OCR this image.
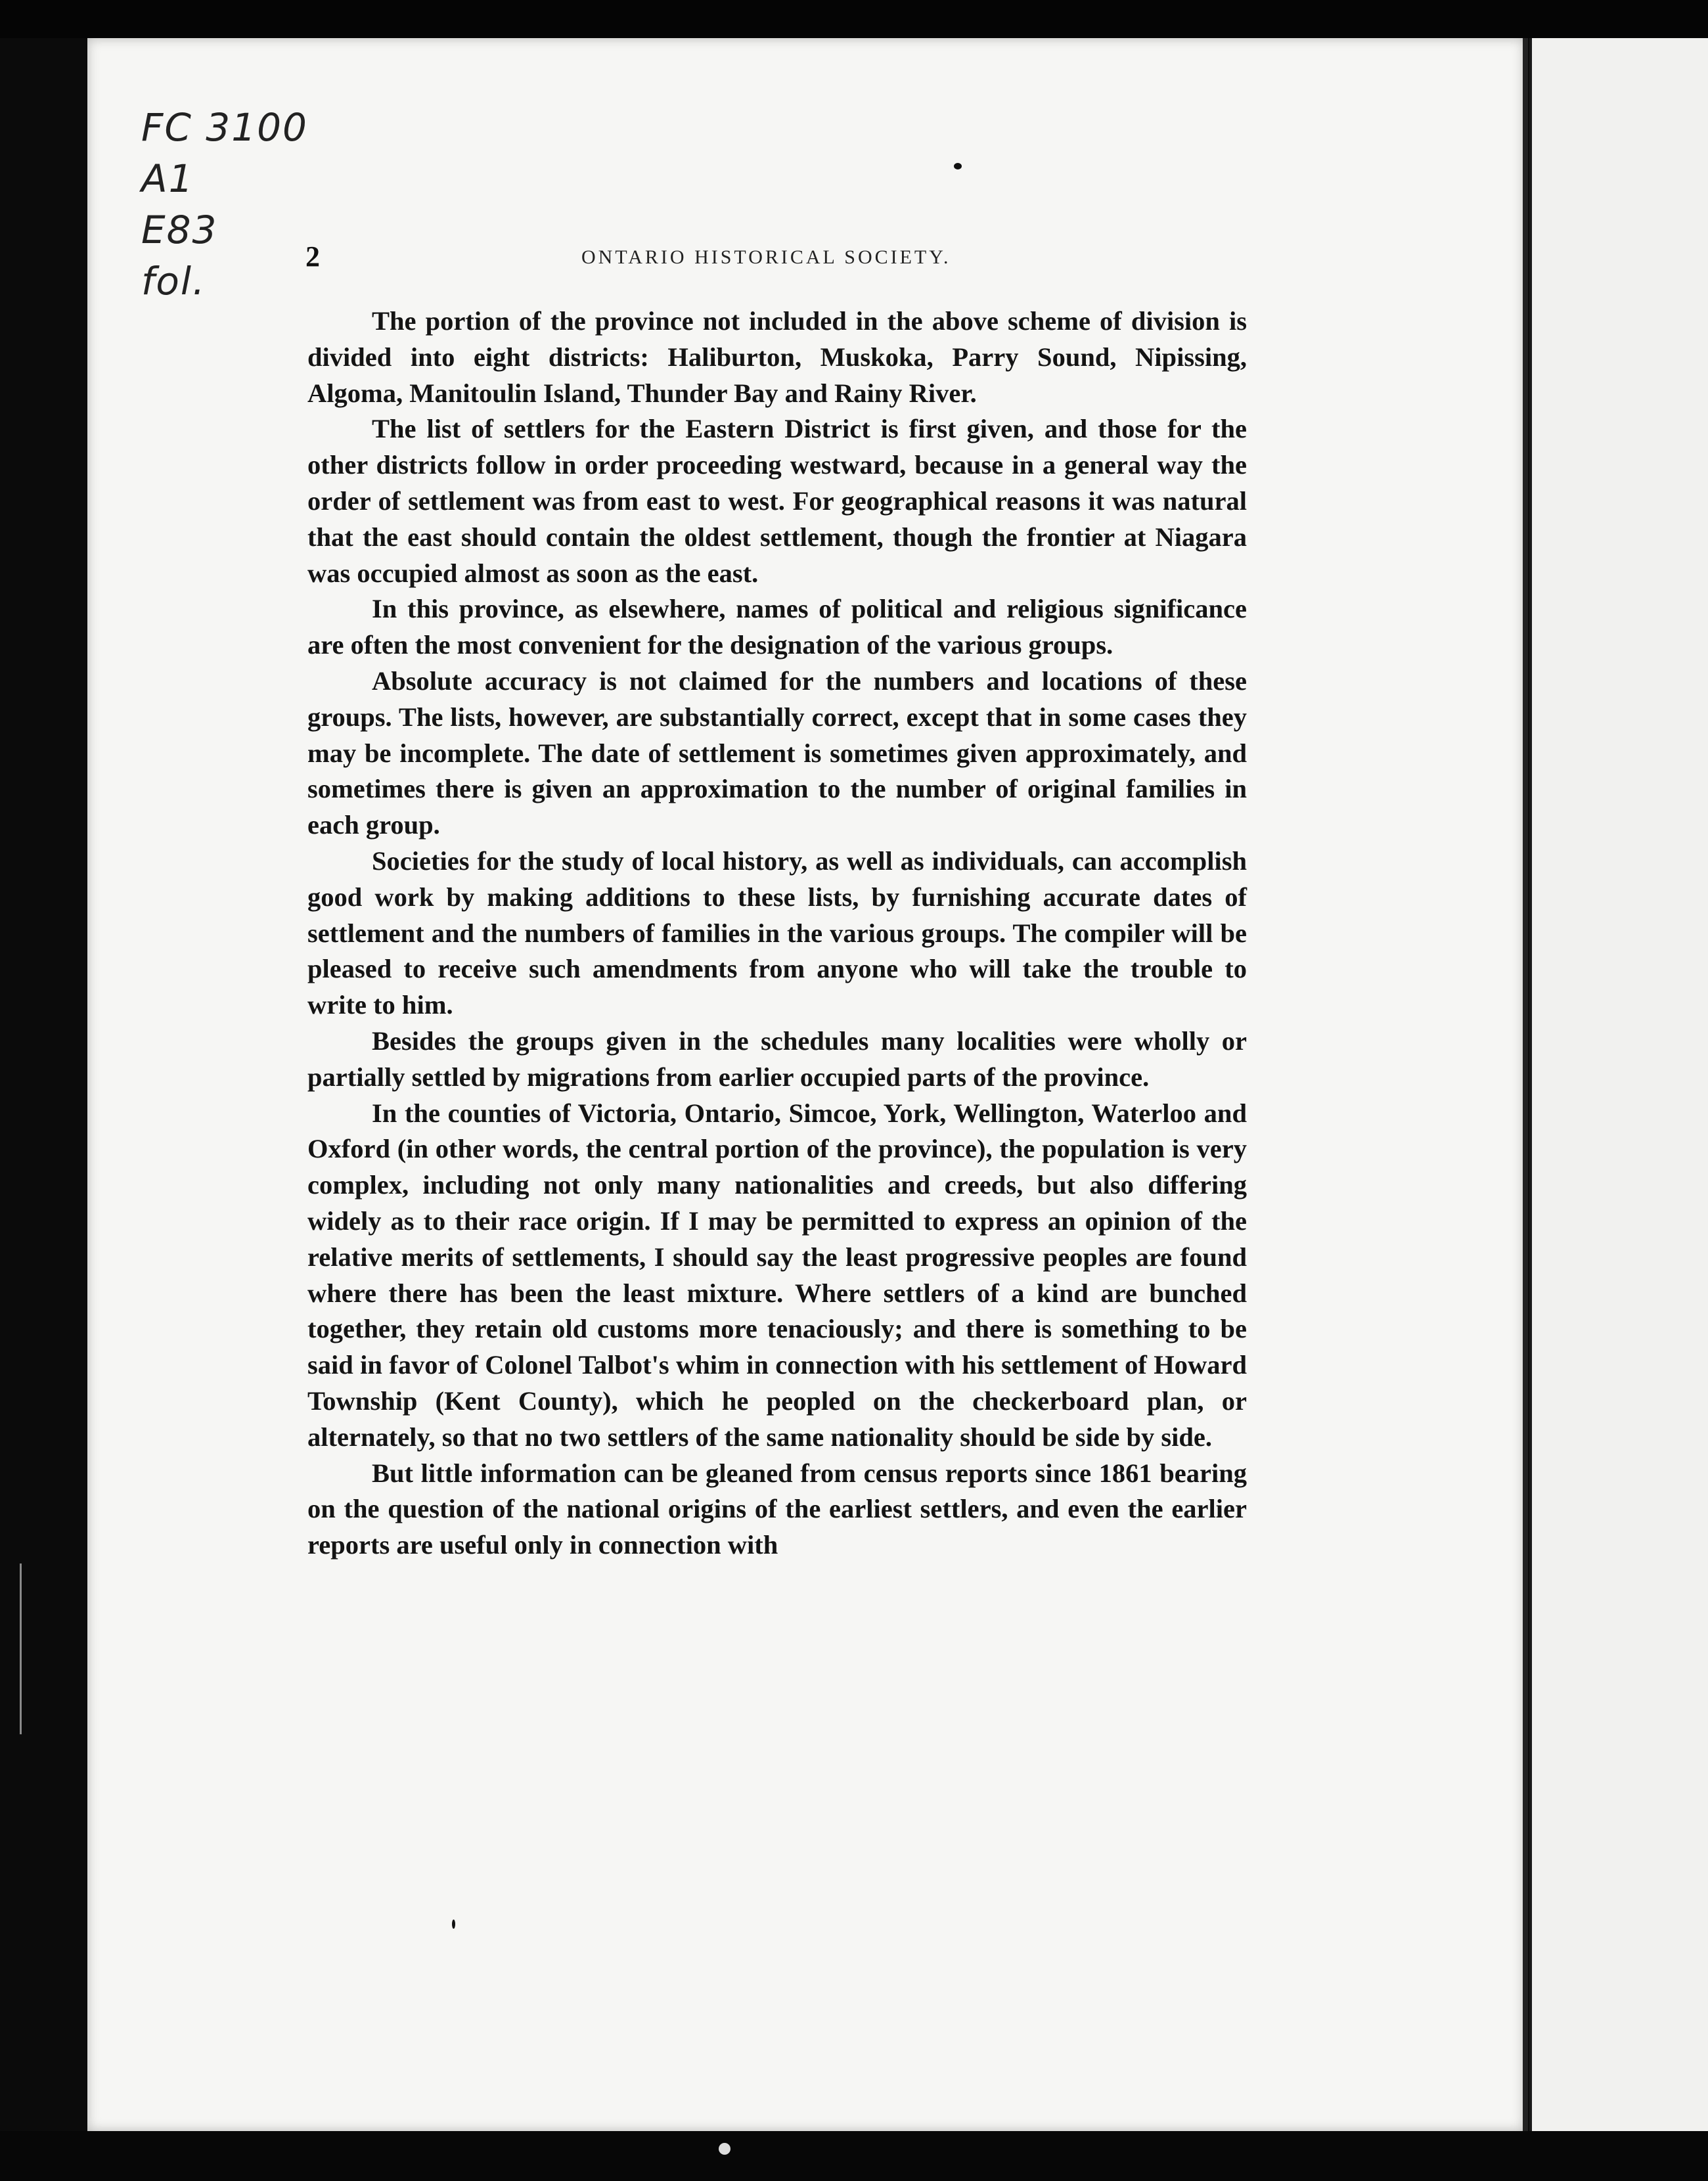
FC 3100
A1
E83
fol.
2	ONTARIO HISTORICAL SOCIETY.

The portion of the province not included in the above scheme of division is divided into eight districts: Haliburton, Muskoka, Parry Sound, Nipissing, Algoma, Manitoulin Island, Thunder Bay and Rainy River.

The list of settlers for the Eastern District is first given, and those for the other districts follow in order proceeding westward, because in a general way the order of settlement was from east to west. For geographical reasons it was natural that the east should contain the oldest settlement, though the frontier at Niagara was occupied almost as soon as the east.

In this province, as elsewhere, names of political and religious significance are often the most convenient for the designation of the various groups.

Absolute accuracy is not claimed for the numbers and locations of these groups. The lists, however, are substantially correct, except that in some cases they may be incomplete. The date of settlement is sometimes given approximately, and sometimes there is given an approximation to the number of original families in each group.

Societies for the study of local history, as well as individuals, can accomplish good work by making additions to these lists, by furnishing accurate dates of settlement and the numbers of families in the various groups. The compiler will be pleased to receive such amendments from anyone who will take the trouble to write to him.

Besides the groups given in the schedules many localities were wholly or partially settled by migrations from earlier occupied parts of the province.

In the counties of Victoria, Ontario, Simcoe, York, Wellington, Waterloo and Oxford (in other words, the central portion of the province), the population is very complex, including not only many nationalities and creeds, but also differing widely as to their race origin. If I may be permitted to express an opinion of the relative merits of settlements, I should say the least progressive peoples are found where there has been the least mixture. Where settlers of a kind are bunched together, they retain old customs more tenaciously; and there is something to be said in favor of Colonel Talbot's whim in connection with his settlement of Howard Township (Kent County), which he peopled on the checkerboard plan, or alternately, so that no two settlers of the same nationality should be side by side.

But little information can be gleaned from census reports since 1861 bearing on the question of the national origins of the earliest settlers, and even the earlier reports are useful only in connection with
